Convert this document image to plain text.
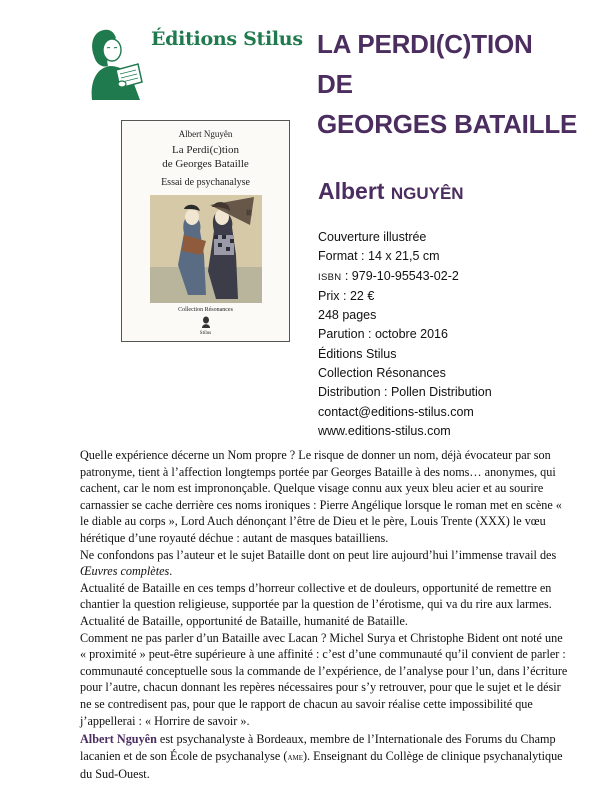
Éditions Stilus LA PERDI(C)TION
DE
GEORGES BATAILLE
Albert NGUYÊN
Albert Nguyên
La Perdi(c)tion
de Georges Bataille
Essai de psychanalyse
猿
Collection Résonances
Stilus
Couverture illustrée
Format : 14 x 21,5 cm
ISBN : 979-10-95543-02-2
Prix : 22 €
248 pages
Parution : octobre 2016
Éditions Stilus
Collection Résonances
Distribution : Pollen Distribution
contact@editions-stilus.com
www.editions-stilus.com

Quelle expérience décerne un Nom propre ? Le risque de donner un nom, déjà évocateur par son patronyme, tient à l’affection longtemps portée par Georges Bataille à des noms… anonymes, qui cachent, car le nom est imprononçable. Quelque visage connu aux yeux bleu acier et au sourire carnassier se cache derrière ces noms ironiques : Pierre Angélique lorsque le roman met en scène « le diable au corps », Lord Auch dénonçant l’être de Dieu et le père, Louis Trente (XXX) le vœu hérétique d’une royauté déchue : autant de masques batailliens.

Ne confondons pas l’auteur et le sujet Bataille dont on peut lire aujourd’hui l’immense travail des Œuvres complètes.

Actualité de Bataille en ces temps d’horreur collective et de douleurs, opportunité de remettre en chantier la question religieuse, supportée par la question de l’érotisme, qui va du rire aux larmes.

Actualité de Bataille, opportunité de Bataille, humanité de Bataille.

Comment ne pas parler d’un Bataille avec Lacan ? Michel Surya et Christophe Bident ont noté une « proximité » peut-être supérieure à une affinité : c’est d’une communauté qu’il convient de parler : communauté conceptuelle sous la commande de l’expérience, de l’analyse pour l’un, dans l’écriture pour l’autre, chacun donnant les repères nécessaires pour s’y retrouver, pour que le sujet et le désir ne se contredisent pas, pour que le rapport de chacun au savoir réalise cette impossibilité que j’appellerai : « Horrire de savoir ».

Albert Nguyên est psychanalyste à Bordeaux, membre de l’Internationale des Forums du Champ lacanien et de son École de psychanalyse (ame). Enseignant du Collège de clinique psychanalytique du Sud-Ouest.
